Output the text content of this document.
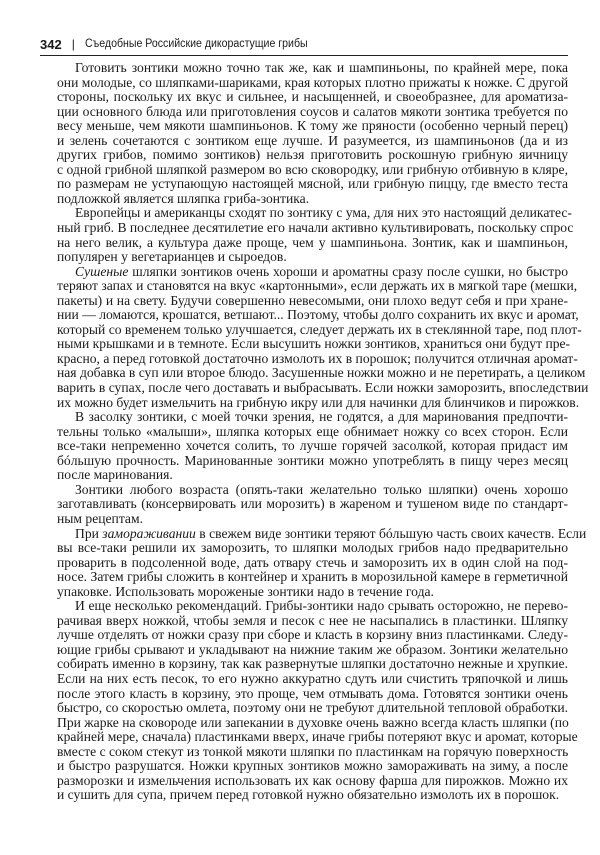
342 | Съедобные Российские дикорастущие грибы
Готовить зонтики можно точно так же, как и шампиньоны, по крайней мере, пока
они молодые, со шляпками-шариками, края которых плотно прижаты к ножке. С другой
стороны, поскольку их вкус и сильнее, и насыщенней, и своеобразнее, для ароматиза-
ции основного блюда или приготовления соусов и салатов мякоти зонтика требуется по
весу меньше, чем мякоти шампиньонов. К тому же пряности (особенно черный перец)
и зелень сочетаются с зонтиком еще лучше. И разумеется, из шампиньонов (да и из
других грибов, помимо зонтиков) нельзя приготовить роскошную грибную яичницу
с одной грибной шляпкой размером во всю сковородку, или грибную отбивную в кляре,
по размерам не уступающую настоящей мясной, или грибную пиццу, где вместо теста
подложкой является шляпка гриба-зонтика.
Европейцы и американцы сходят по зонтику с ума, для них это настоящий деликатес-
ный гриб. В последнее десятилетие его начали активно культивировать, поскольку спрос
на него велик, а культура даже проще, чем у шампиньона. Зонтик, как и шампиньон,
популярен у вегетарианцев и сыроедов.
Сушеные шляпки зонтиков очень хороши и ароматны сразу после сушки, но быстро
теряют запах и становятся на вкус «картонными», если держать их в мягкой таре (мешки,
пакеты) и на свету. Будучи совершенно невесомыми, они плохо ведут себя и при хране-
нии — ломаются, крошатся, ветшают... Поэтому, чтобы долго сохранить их вкус и аромат,
который со временем только улучшается, следует держать их в стеклянной таре, под плот-
ными крышками и в темноте. Если высушить ножки зонтиков, храниться они будут пре-
красно, а перед готовкой достаточно измолоть их в порошок; получится отличная аромат-
ная добавка в суп или второе блюдо. Засушенные ножки можно и не перетирать, а целиком
варить в супах, после чего доставать и выбрасывать. Если ножки заморозить, впоследствии
их можно будет измельчить на грибную икру или для начинки для блинчиков и пирожков.
В засолку зонтики, с моей точки зрения, не годятся, а для маринования предпочти-
тельны только «малыши», шляпка которых еще обнимает ножку со всех сторон. Если
все-таки непременно хочется солить, то лучше горячей засолкой, которая придаст им
бóльшую прочность. Маринованные зонтики можно употреблять в пищу через месяц
после маринования.
Зонтики любого возраста (опять-таки желательно только шляпки) очень хорошо
заготавливать (консервировать или морозить) в жареном и тушеном виде по стандарт-
ным рецептам.
При замораживании в свежем виде зонтики теряют бóльшую часть своих качеств. Если
вы все-таки решили их заморозить, то шляпки молодых грибов надо предварительно
проварить в подсоленной воде, дать отвару стечь и заморозить их в один слой на под-
носе. Затем грибы сложить в контейнер и хранить в морозильной камере в герметичной
упаковке. Использовать мороженые зонтики надо в течение года.
И еще несколько рекомендаций. Грибы-зонтики надо срывать осторожно, не перево-
рачивая вверх ножкой, чтобы земля и песок с нее не насыпались в пластинки. Шляпку
лучше отделять от ножки сразу при сборе и класть в корзину вниз пластинками. Следу-
ющие грибы срывают и укладывают на нижние таким же образом. Зонтики желательно
собирать именно в корзину, так как развернутые шляпки достаточно нежные и хрупкие.
Если на них есть песок, то его нужно аккуратно сдуть или счистить тряпочкой и лишь
после этого класть в корзину, это проще, чем отмывать дома. Готовятся зонтики очень
быстро, со скоростью омлета, поэтому они не требуют длительной тепловой обработки.
При жарке на сковороде или запекании в духовке очень важно всегда класть шляпки (по
крайней мере, сначала) пластинками вверх, иначе грибы потеряют вкус и аромат, которые
вместе с соком стекут из тонкой мякоти шляпки по пластинкам на горячую поверхность
и быстро разрушатся. Ножки крупных зонтиков можно замораживать на зиму, а после
разморозки и измельчения использовать их как основу фарша для пирожков. Можно их
и сушить для супа, причем перед готовкой нужно обязательно измолоть их в порошок.
